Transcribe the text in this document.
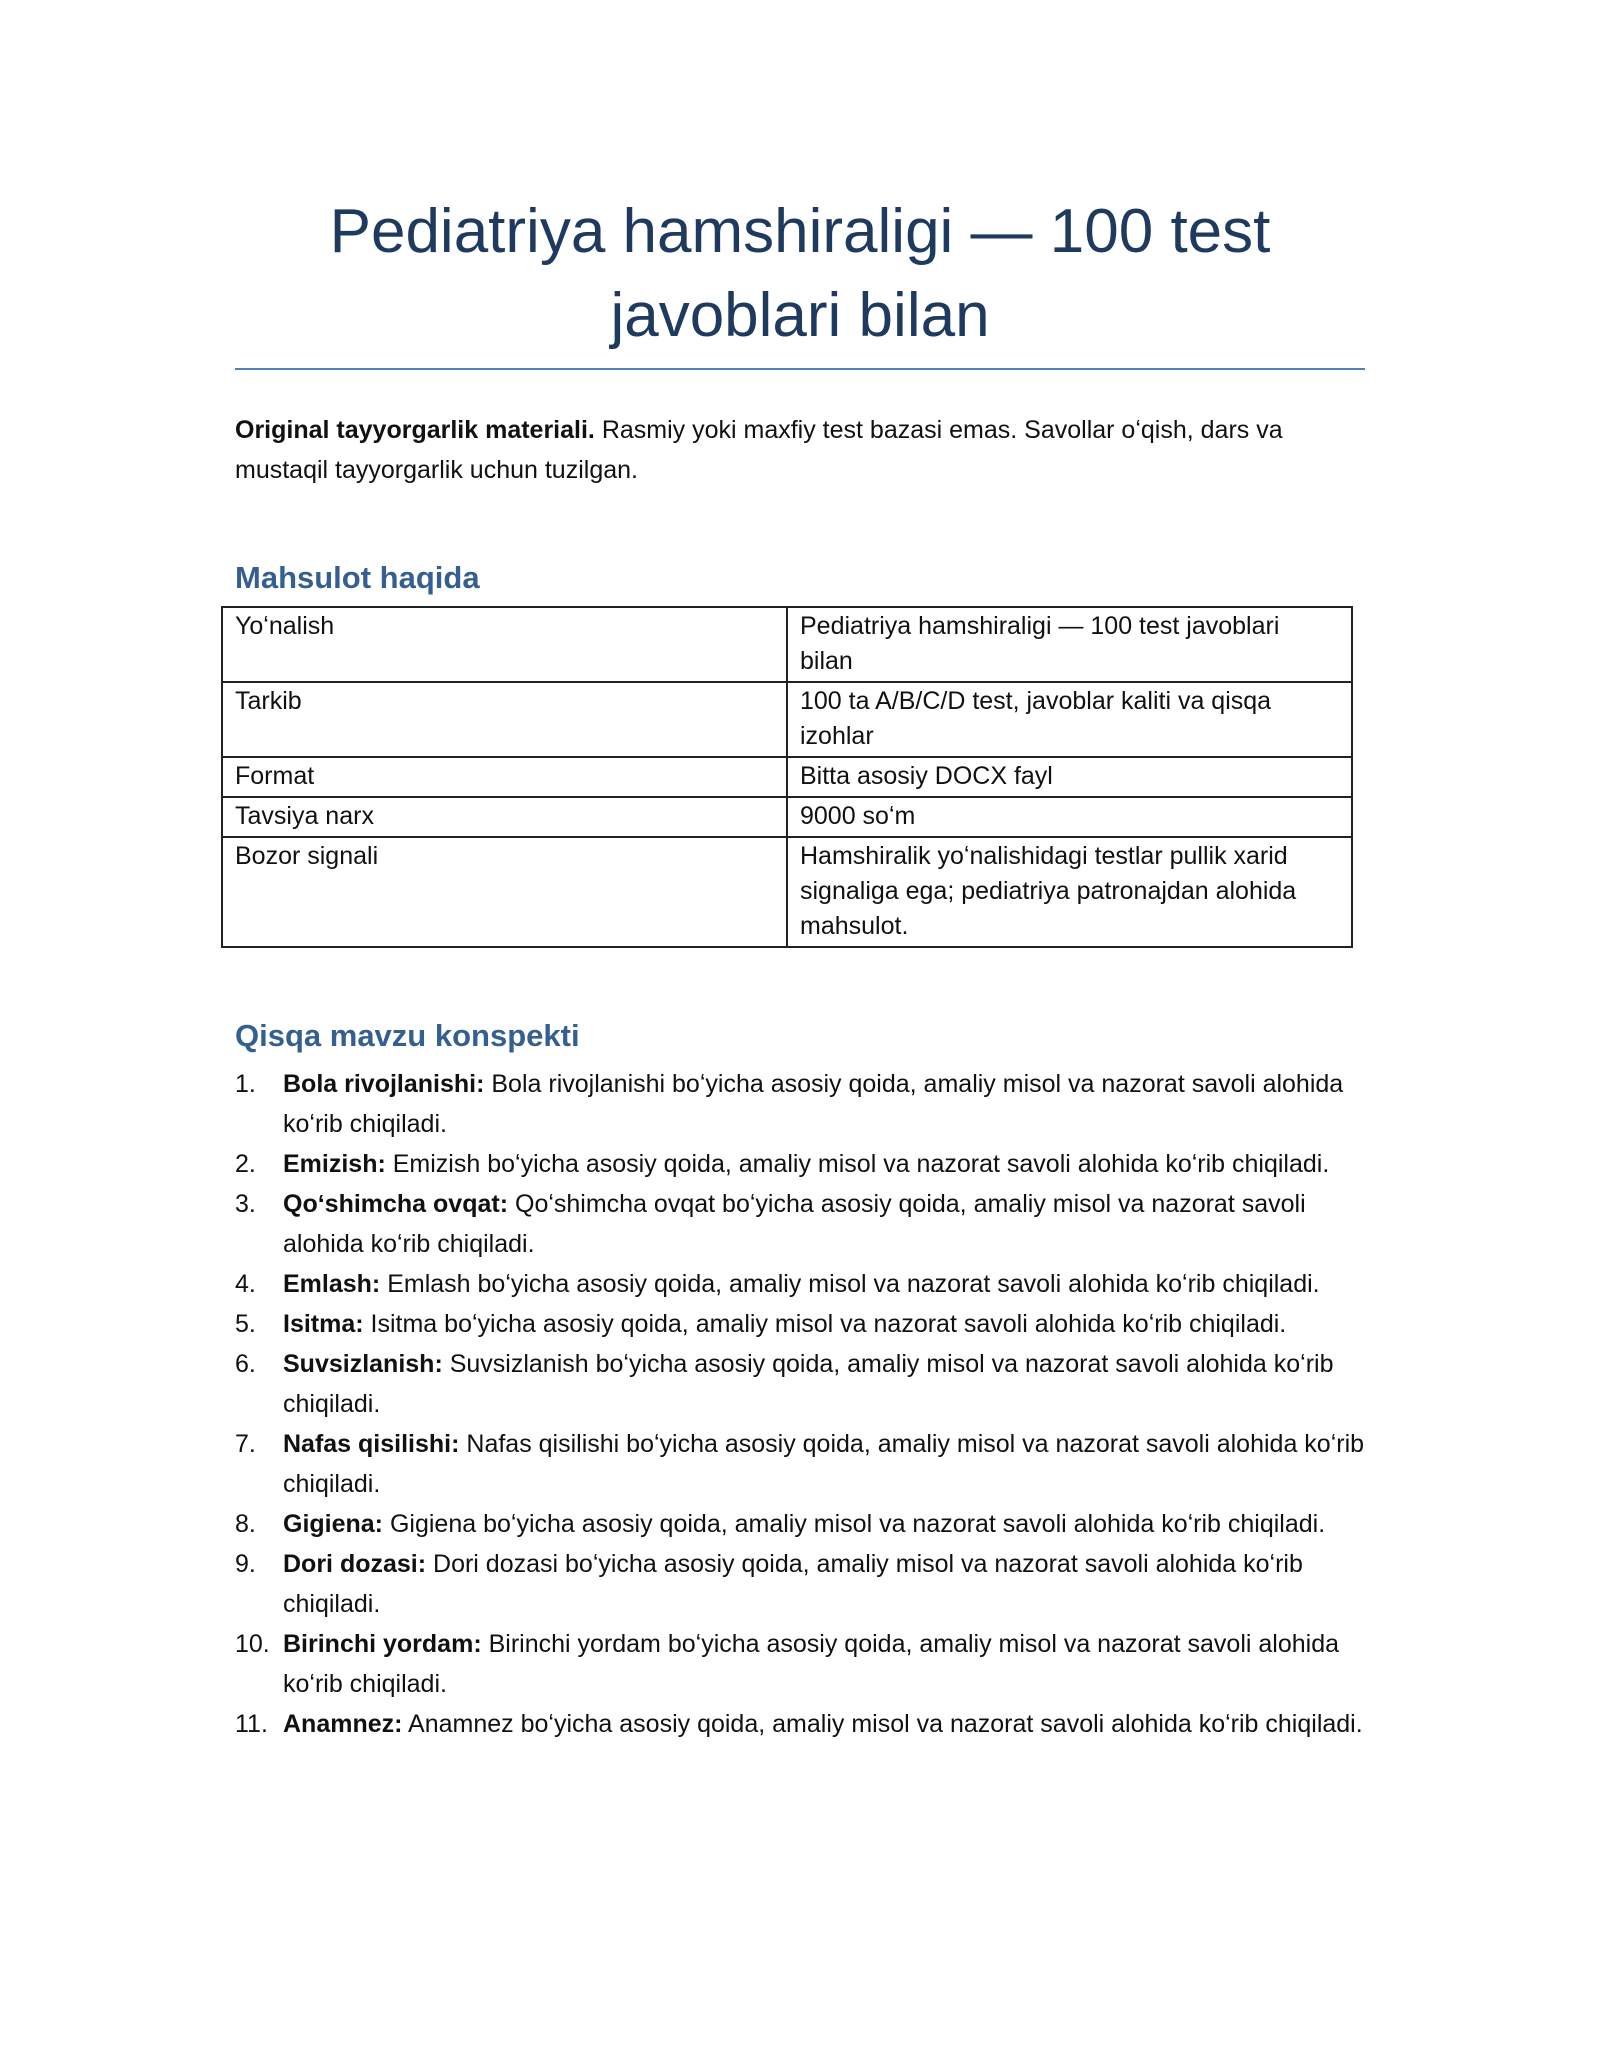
Pediatriya hamshiraligi — 100 test javoblari bilan

Original tayyorgarlik materiali. Rasmiy yoki maxfiy test bazasi emas. Savollar oʻqish, dars va mustaqil tayyorgarlik uchun tuzilgan.

Mahsulot haqida
Yoʻnalish	Pediatriya hamshiraligi — 100 test javoblari bilan
Tarkib	100 ta A/B/C/D test, javoblar kaliti va qisqa izohlar
Format	Bitta asosiy DOCX fayl
Tavsiya narx	9000 soʻm
Bozor signali	Hamshiralik yoʻnalishidagi testlar pullik xarid signaliga ega; pediatriya patronajdan alohida mahsulot.
Qisqa mavzu konspekti
1. Bola rivojlanishi: Bola rivojlanishi boʻyicha asosiy qoida, amaliy misol va nazorat savoli alohida koʻrib chiqiladi.
2. Emizish: Emizish boʻyicha asosiy qoida, amaliy misol va nazorat savoli alohida koʻrib chiqiladi.
3. Qoʻshimcha ovqat: Qoʻshimcha ovqat boʻyicha asosiy qoida, amaliy misol va nazorat savoli alohida koʻrib chiqiladi.
4. Emlash: Emlash boʻyicha asosiy qoida, amaliy misol va nazorat savoli alohida koʻrib chiqiladi.
5. Isitma: Isitma boʻyicha asosiy qoida, amaliy misol va nazorat savoli alohida koʻrib chiqiladi.
6. Suvsizlanish: Suvsizlanish boʻyicha asosiy qoida, amaliy misol va nazorat savoli alohida koʻrib chiqiladi.
7. Nafas qisilishi: Nafas qisilishi boʻyicha asosiy qoida, amaliy misol va nazorat savoli alohida koʻrib chiqiladi.
8. Gigiena: Gigiena boʻyicha asosiy qoida, amaliy misol va nazorat savoli alohida koʻrib chiqiladi.
9. Dori dozasi: Dori dozasi boʻyicha asosiy qoida, amaliy misol va nazorat savoli alohida koʻrib chiqiladi.
10. Birinchi yordam: Birinchi yordam boʻyicha asosiy qoida, amaliy misol va nazorat savoli alohida koʻrib chiqiladi.
11. Anamnez: Anamnez boʻyicha asosiy qoida, amaliy misol va nazorat savoli alohida koʻrib chiqiladi.
